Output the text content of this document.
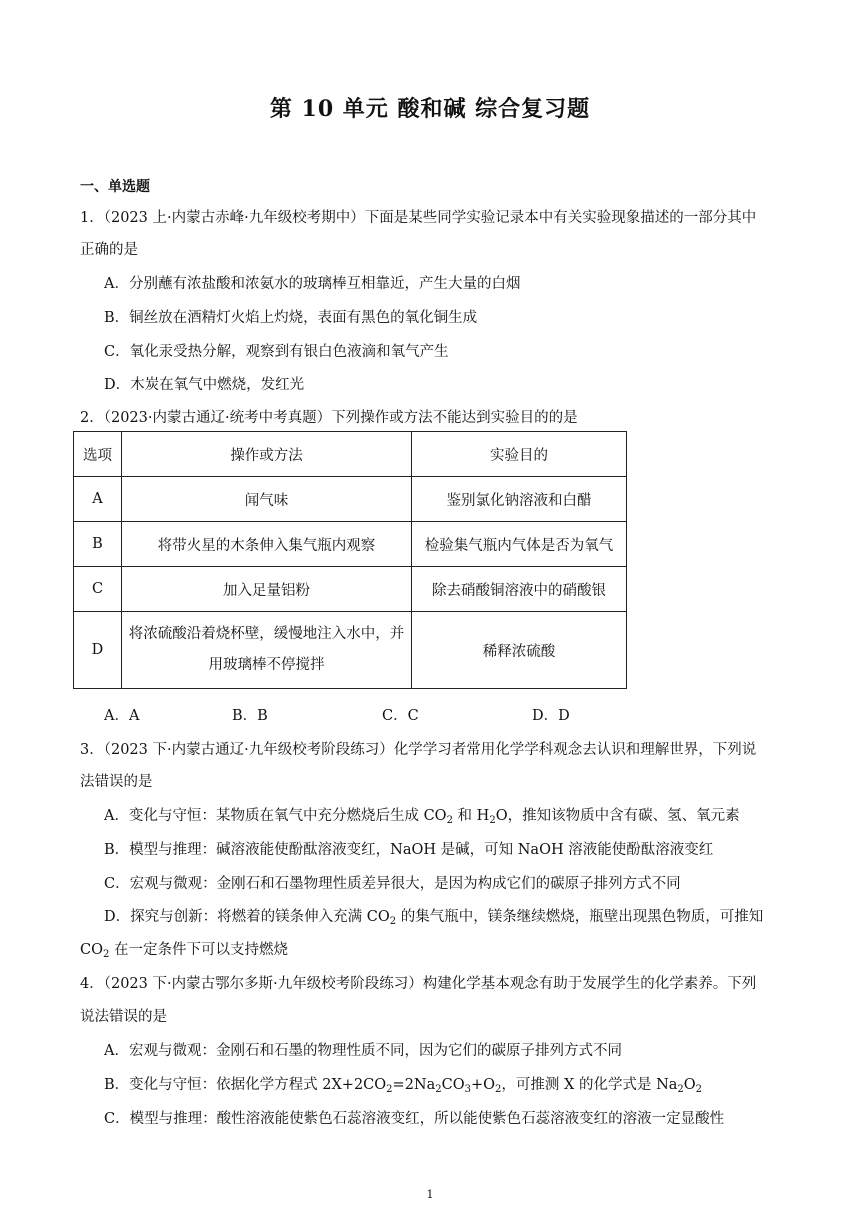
第 10 单元 酸和碱 综合复习题
一、单选题
1．（2023 上·内蒙古赤峰·九年级校考期中）下面是某些同学实验记录本中有关实验现象描述的一部分其中
正确的是
A．分别蘸有浓盐酸和浓氨水的玻璃棒互相靠近，产生大量的白烟
B．铜丝放在酒精灯火焰上灼烧，表面有黑色的氧化铜生成
C．氧化汞受热分解，观察到有银白色液滴和氧气产生
D．木炭在氧气中燃烧，发红光
2．（2023·内蒙古通辽·统考中考真题）下列操作或方法不能达到实验目的的是
选项	操作或方法	实验目的
A	闻气味	鉴别氯化钠溶液和白醋
B	将带火星的木条伸入集气瓶内观察	检验集气瓶内气体是否为氧气
C	加入足量铝粉	除去硝酸铜溶液中的硝酸银
D	将浓硫酸沿着烧杯壁，缓慢地注入水中，并用玻璃棒不停搅拌	稀释浓硫酸
A．A	B．B	C．C	D．D
3．（2023 下·内蒙古通辽·九年级校考阶段练习）化学学习者常用化学学科观念去认识和理解世界，下列说
法错误的是
A．变化与守恒：某物质在氧气中充分燃烧后生成 $CO_2$ 和 $H_2O$，推知该物质中含有碳、氢、氧元素
B．模型与推理：碱溶液能使酚酞溶液变红，NaOH 是碱，可知 NaOH 溶液能使酚酞溶液变红
C．宏观与微观：金刚石和石墨物理性质差异很大，是因为构成它们的碳原子排列方式不同
D．探究与创新：将燃着的镁条伸入充满 $CO_2$ 的集气瓶中，镁条继续燃烧，瓶壁出现黑色物质，可推知
$CO_2$ 在一定条件下可以支持燃烧
4．（2023 下·内蒙古鄂尔多斯·九年级校考阶段练习）构建化学基本观念有助于发展学生的化学素养。下列
说法错误的是
A．宏观与微观：金刚石和石墨的物理性质不同，因为它们的碳原子排列方式不同
B．变化与守恒：依据化学方程式 $2X+2CO_2=2Na_2CO_3+O_2$，可推测 X 的化学式是 $Na_2O_2$
C．模型与推理：酸性溶液能使紫色石蕊溶液变红，所以能使紫色石蕊溶液变红的溶液一定显酸性
1
